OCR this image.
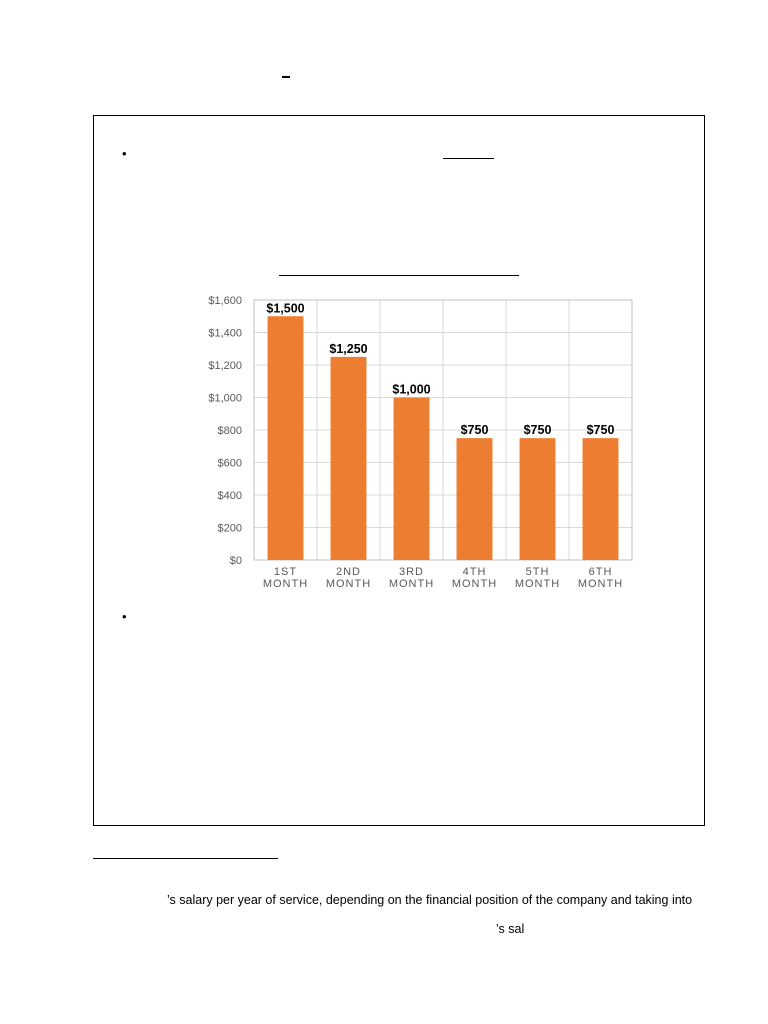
•
$0
$200
$400
$600
$800
$1,000
$1,200
$1,400
$1,600
$1,500
1ST
MONTH
$1,250
2ND
MONTH
$1,000
3RD
MONTH
$750
4TH
MONTH
$750
5TH
MONTH
$750
6TH
MONTH
•
’s salary per year of service, depending on the financial position of the company and taking into
’s sal
